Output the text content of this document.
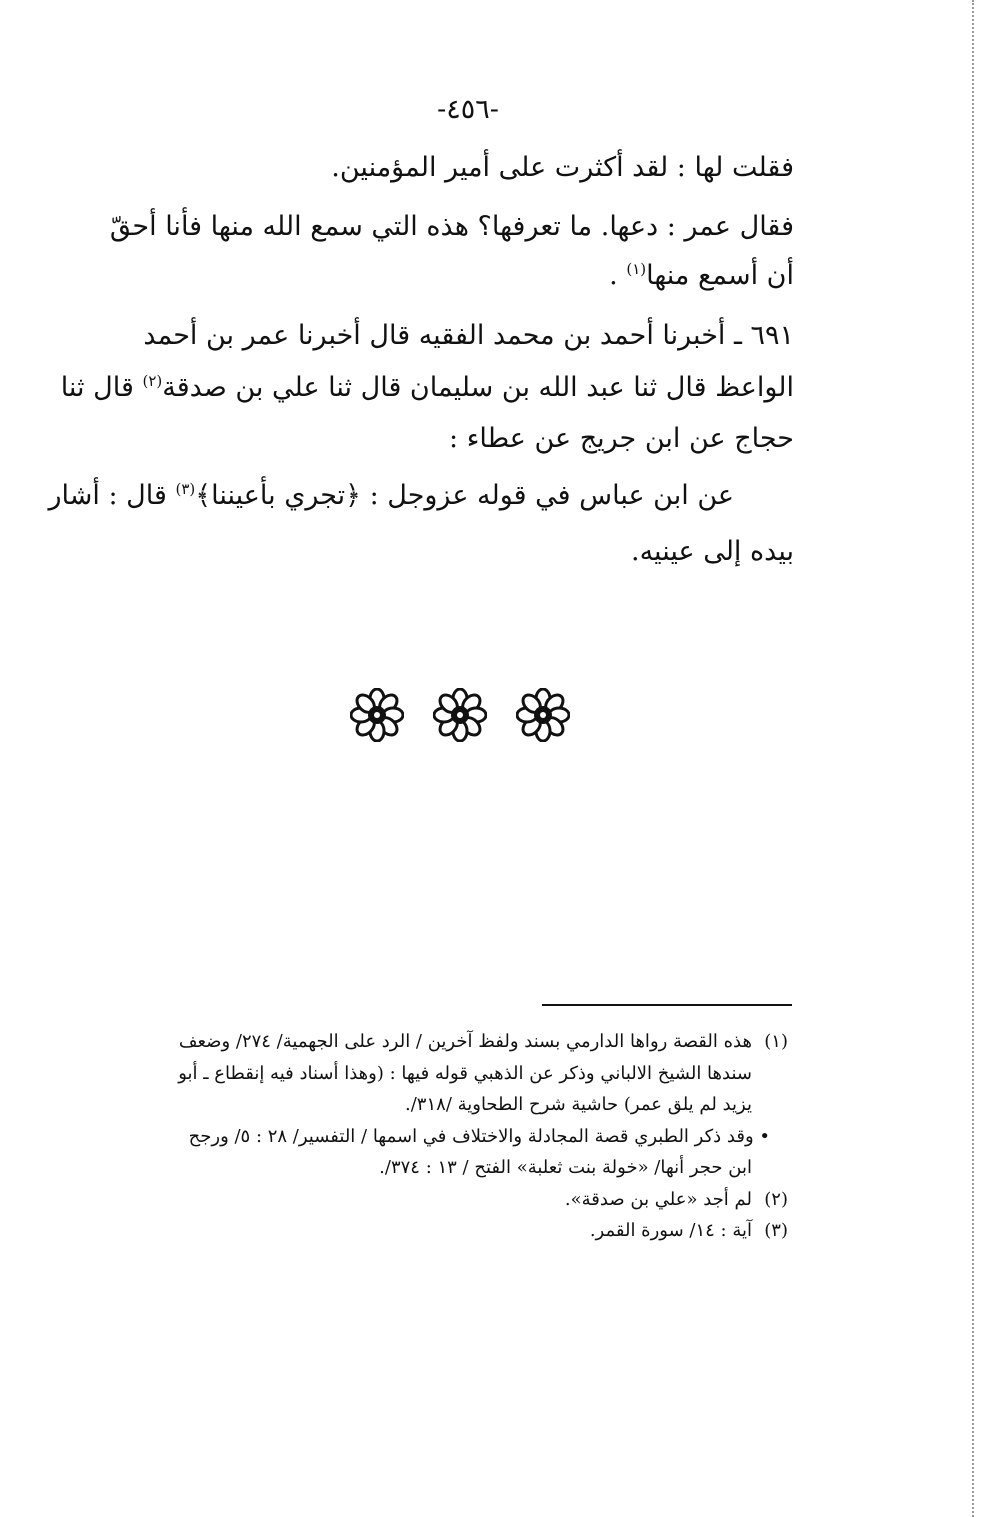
-٤٥٦-
فقلت لها : لقد أكثرت على أمير المؤمنين.
فقال عمر : دعها. ما تعرفها؟ هذه التي سمع الله منها فأنا أحقّ
أن أسمع منها$^{(١)}$ .
٦٩١ ـ أخبرنا أحمد بن محمد الفقيه قال أخبرنا عمر بن أحمد
الواعظ قال ثنا عبد الله بن سليمان قال ثنا علي بن صدقة$^{(٢)}$ قال ثنا
حجاج عن ابن جريج عن عطاء :
عن ابن عباس في قوله عزوجل : ﴿تجري بأعيننا﴾$^{(٣)}$ قال : أشار
بيده إلى عينيه.

(١)هذه القصة رواها الدارمي بسند ولفظ آخرين / الرد على الجهمية/ ٢٧٤/ وضعف

سندها الشيخ الالباني وذكر عن الذهبي قوله فيها : (وهذا أسناد فيه إنقطاع ـ أبو

يزيد لم يلق عمر) حاشية شرح الطحاوية /٣١٨/.

• وقد ذكر الطبري قصة المجادلة والاختلاف في اسمها / التفسير/ ٢٨ : ٥/ ورجح

ابن حجر أنها/ «خولة بنت ثعلبة» الفتح / ١٣ : ٣٧٤/.

(٢)لم أجد «علي بن صدقة».

(٣)آية : ١٤/ سورة القمر.
